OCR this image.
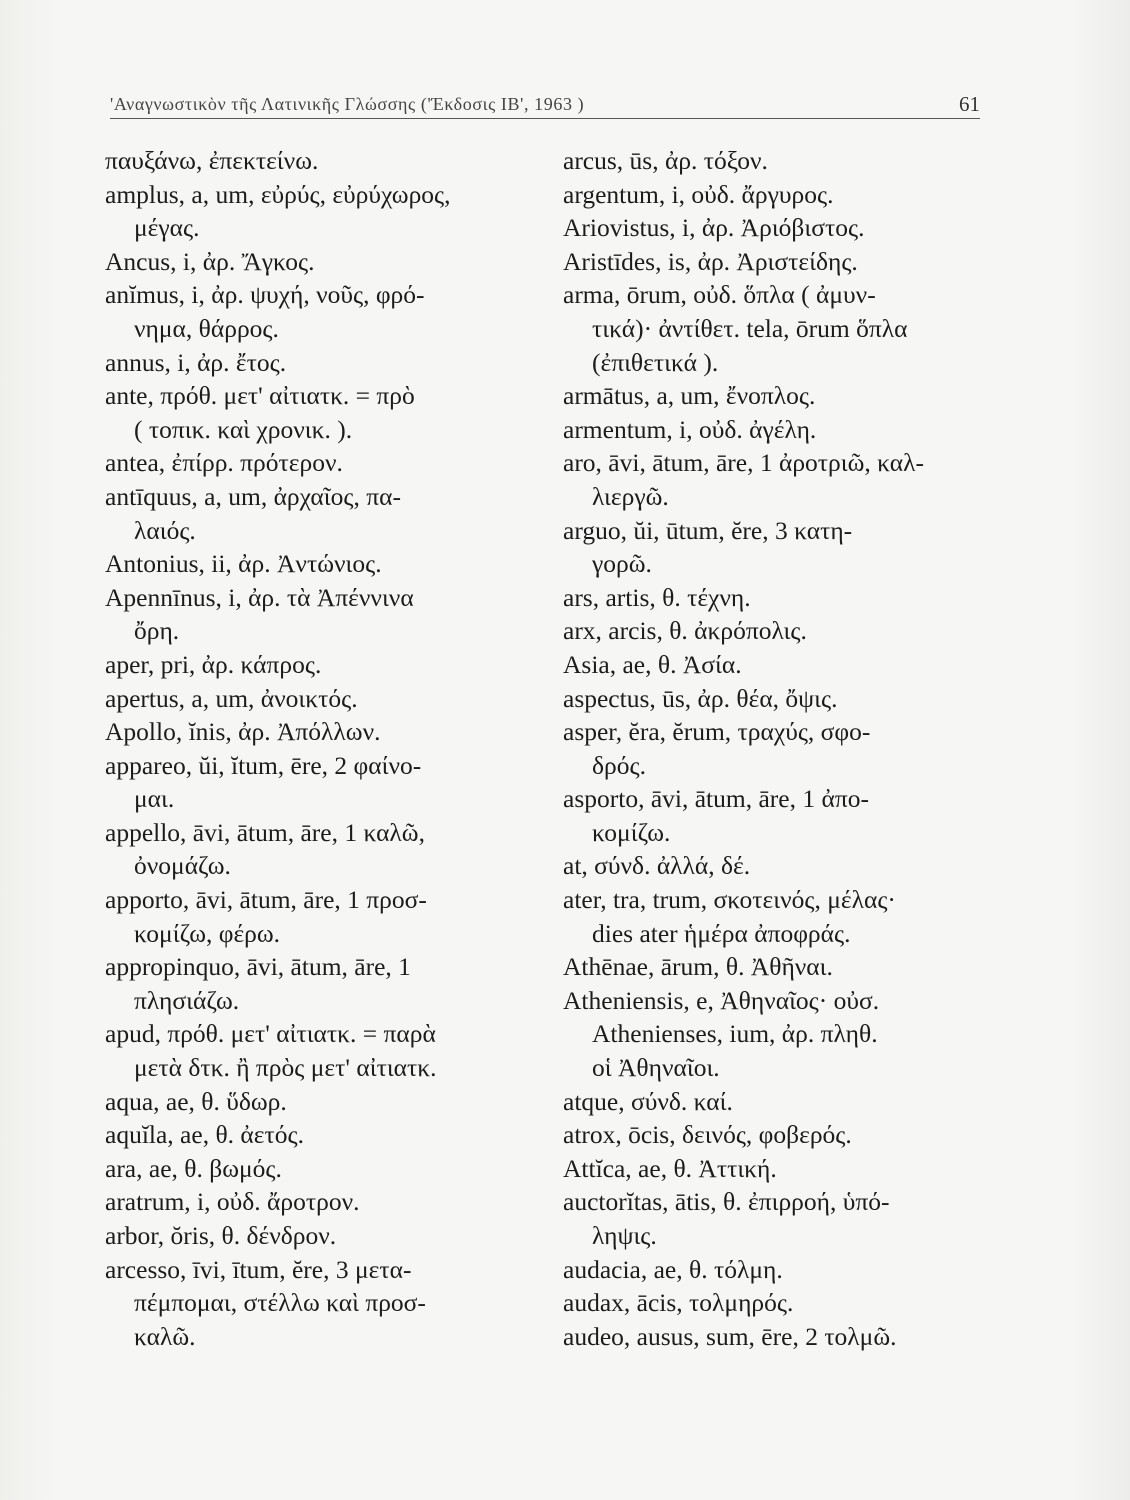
'Αναγνωστικὸν τῆς Λατινικῆς Γλώσσης ('Έκδοσις ΙΒ', 1963 )	61
παυξάνω, ἐπεκτείνω.
amplus, a, um, εὐρύς, εὐρύχωρος,
μέγας.
Ancus, i, ἀρ. Ἄγκος.
anĭmus, i, ἀρ. ψυχή, νοῦς, φρό-
νημα, θάρρος.
annus, i, ἀρ. ἔτος.
ante, πρόθ. μετ' αἰτιατκ. = πρὸ
( τοπικ. καὶ χρονικ. ).
antea, ἐπίρρ. πρότερον.
antīquus, a, um, ἀρχαῖος, πα-
λαιός.
Antonius, ii, ἀρ. Ἀντώνιος.
Apennīnus, i, ἀρ. τὰ Ἀπέννινα
ὄρη.
aper, pri, ἀρ. κάπρος.
apertus, a, um, ἀνοικτός.
Apollo, ĭnis, ἀρ. Ἀπόλλων.
appareo, ŭi, ĭtum, ēre, 2 φαίνο-
μαι.
appello, āvi, ātum, āre, 1 καλῶ,
ὀνομάζω.
apporto, āvi, ātum, āre, 1 προσ-
κομίζω, φέρω.
appropinquo, āvi, ātum, āre, 1
πλησιάζω.
apud, πρόθ. μετ' αἰτιατκ. = παρὰ
μετὰ δτκ. ἢ πρὸς μετ' αἰτιατκ.
aqua, ae, θ. ὕδωρ.
aquĭla, ae, θ. ἀετός.
ara, ae, θ. βωμός.
aratrum, i, οὐδ. ἄροτρον.
arbor, ŏris, θ. δένδρον.
arcesso, īvi, ītum, ĕre, 3 μετα-
πέμπομαι, στέλλω καὶ προσ-
καλῶ.
arcus, ūs, ἀρ. τόξον.
argentum, i, οὐδ. ἄργυρος.
Ariovistus, i, ἀρ. Ἀριόβιστος.
Aristīdes, is, ἀρ. Ἀριστείδης.
arma, ōrum, οὐδ. ὅπλα ( ἀμυν-
τικά)· ἀντίθετ. tela, ōrum ὅπλα
(ἐπιθετικά ).
armātus, a, um, ἔνοπλος.
armentum, i, οὐδ. ἀγέλη.
aro, āvi, ātum, āre, 1 ἀροτριῶ, καλ-
λιεργῶ.
arguo, ŭi, ūtum, ĕre, 3 κατη-
γορῶ.
ars, artis, θ. τέχνη.
arx, arcis, θ. ἀκρόπολις.
Asia, ae, θ. Ἀσία.
aspectus, ūs, ἀρ. θέα, ὄψις.
asper, ĕra, ĕrum, τραχύς, σφο-
δρός.
asporto, āvi, ātum, āre, 1 ἀπο-
κομίζω.
at, σύνδ. ἀλλά, δέ.
ater, tra, trum, σκοτεινός, μέλας·
dies ater ἡμέρα ἀποφράς.
Athēnae, ārum, θ. Ἀθῆναι.
Atheniensis, e, Ἀθηναῖος· οὐσ.
Athenienses, ium, ἀρ. πληθ.
οἱ Ἀθηναῖοι.
atque, σύνδ. καί.
atrox, ōcis, δεινός, φοβερός.
Attĭca, ae, θ. Ἀττική.
auctorĭtas, ātis, θ. ἐπιρροή, ὑπό-
ληψις.
audacia, ae, θ. τόλμη.
audax, ācis, τολμηρός.
audeo, ausus, sum, ēre, 2 τολμῶ.
